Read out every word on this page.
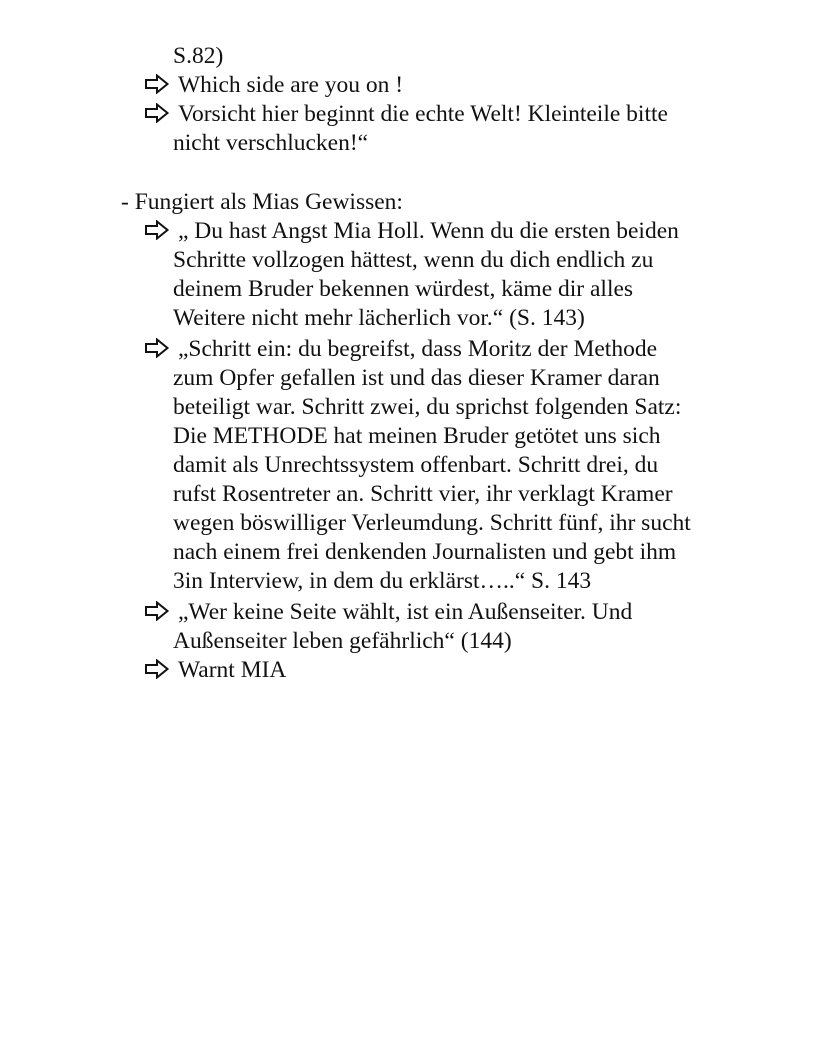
S.82)
Which side are you on !
Vorsicht hier beginnt die echte Welt! Kleinteile bitte
nicht verschlucken!“
- Fungiert als Mias Gewissen:
„ Du hast Angst Mia Holl. Wenn du die ersten beiden
Schritte vollzogen hättest, wenn du dich endlich zu
deinem Bruder bekennen würdest, käme dir alles
Weitere nicht mehr lächerlich vor.“ (S. 143)
„Schritt ein: du begreifst, dass Moritz der Methode
zum Opfer gefallen ist und das dieser Kramer daran
beteiligt war. Schritt zwei, du sprichst folgenden Satz:
Die METHODE hat meinen Bruder getötet uns sich
damit als Unrechtssystem offenbart. Schritt drei, du
rufst Rosentreter an. Schritt vier, ihr verklagt Kramer
wegen böswilliger Verleumdung. Schritt fünf, ihr sucht
nach einem frei denkenden Journalisten und gebt ihm
3in Interview, in dem du erklärst…..“ S. 143
„Wer keine Seite wählt, ist ein Außenseiter. Und
Außenseiter leben gefährlich“ (144)
Warnt MIA
